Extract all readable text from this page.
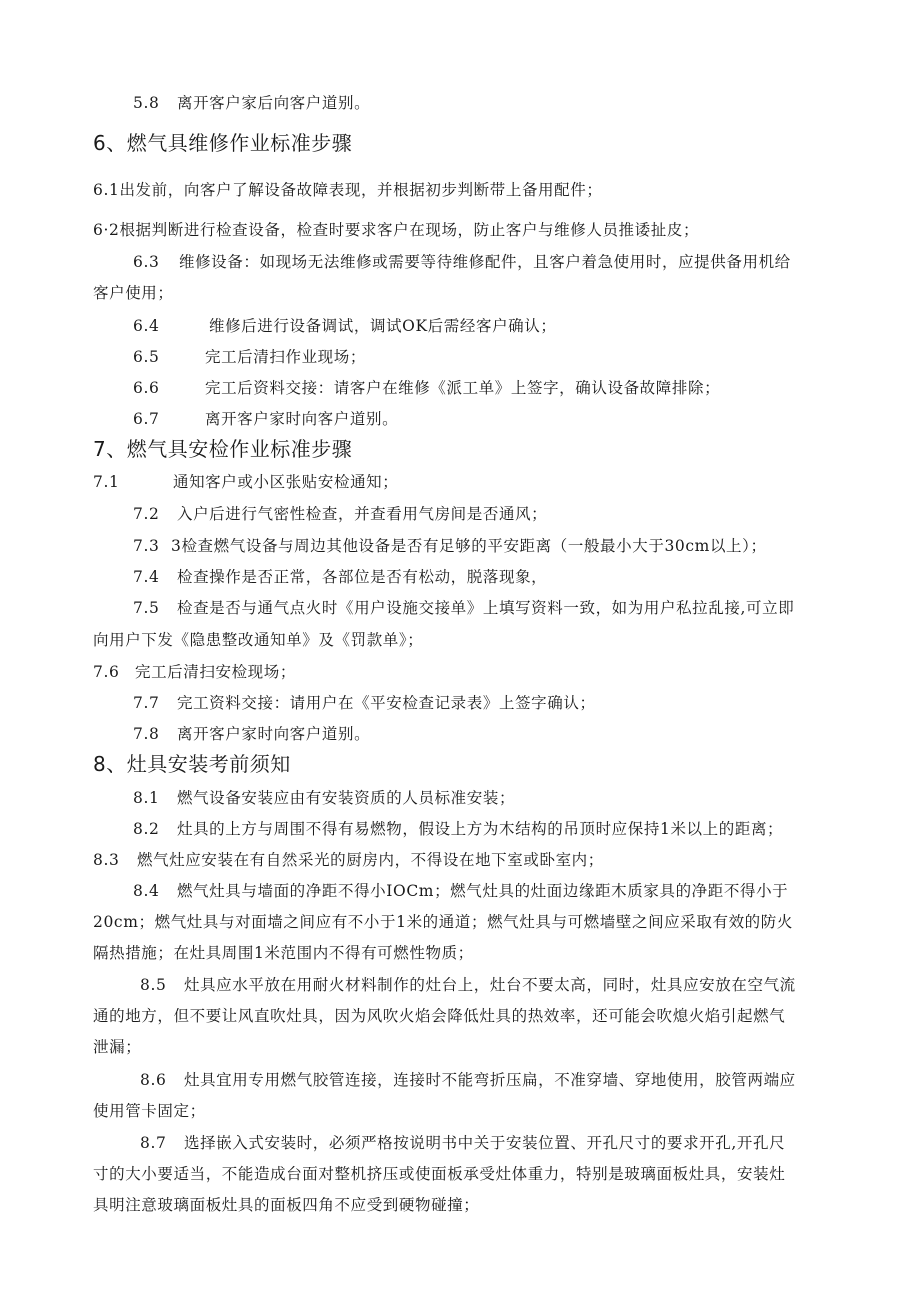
5.8 离开客户家后向客户道别。
6、燃气具维修作业标准步骤
6.1出发前，向客户了解设备故障表现，并根据初步判断带上备用配件；
6·2根据判断进行检查设备，检查时要求客户在现场，防止客户与维修人员推诿扯皮；
6.3 维修设备：如现场无法维修或需要等待维修配件，且客户着急使用时，应提供备用机给
客户使用；
6.4	维修后进行设备调试，调试OK后需经客户确认；
6.5	完工后清扫作业现场；
6.6	完工后资料交接：请客户在维修《派工单》上签字，确认设备故障排除；
6.7	离开客户家时向客户道别。
7、燃气具安检作业标准步骤
7.1	通知客户或小区张贴安检通知；
7.2 入户后进行气密性检查，并查看用气房间是否通风；
7.3 3检查燃气设备与周边其他设备是否有足够的平安距离（一般最小大于30cm以上）；
7.4 检查操作是否正常，各部位是否有松动，脱落现象，
7.5 检查是否与通气点火时《用户设施交接单》上填写资料一致，如为用户私拉乱接,可立即
向用户下发《隐患整改通知单》及《罚款单》；
7.6 完工后清扫安检现场；
7.7 完工资料交接：请用户在《平安检查记录表》上签字确认；
7.8 离开客户家时向客户道别。
8、灶具安装考前须知
8.1 燃气设备安装应由有安装资质的人员标准安装；
8.2 灶具的上方与周围不得有易燃物，假设上方为木结构的吊顶时应保持1米以上的距离；
8.3 燃气灶应安装在有自然采光的厨房内，不得设在地下室或卧室内；
8.4 燃气灶具与墙面的净距不得小IOCm；燃气灶具的灶面边缘距木质家具的净距不得小于
20cm；燃气灶具与对面墙之间应有不小于1米的通道；燃气灶具与可燃墙壁之间应采取有效的防火
隔热措施；在灶具周围1米范围内不得有可燃性物质；
8.5 灶具应水平放在用耐火材料制作的灶台上，灶台不要太高，同时，灶具应安放在空气流
通的地方，但不要让风直吹灶具，因为风吹火焰会降低灶具的热效率，还可能会吹熄火焰引起燃气
泄漏；
8.6 灶具宜用专用燃气胶管连接，连接时不能弯折压扁，不准穿墙、穿地使用，胶管两端应
使用管卡固定；
8.7 选择嵌入式安装时，必须严格按说明书中关于安装位置、开孔尺寸的要求开孔,开孔尺
寸的大小要适当，不能造成台面对整机挤压或使面板承受灶体重力，特别是玻璃面板灶具，安装灶
具明注意玻璃面板灶具的面板四角不应受到硬物碰撞；
